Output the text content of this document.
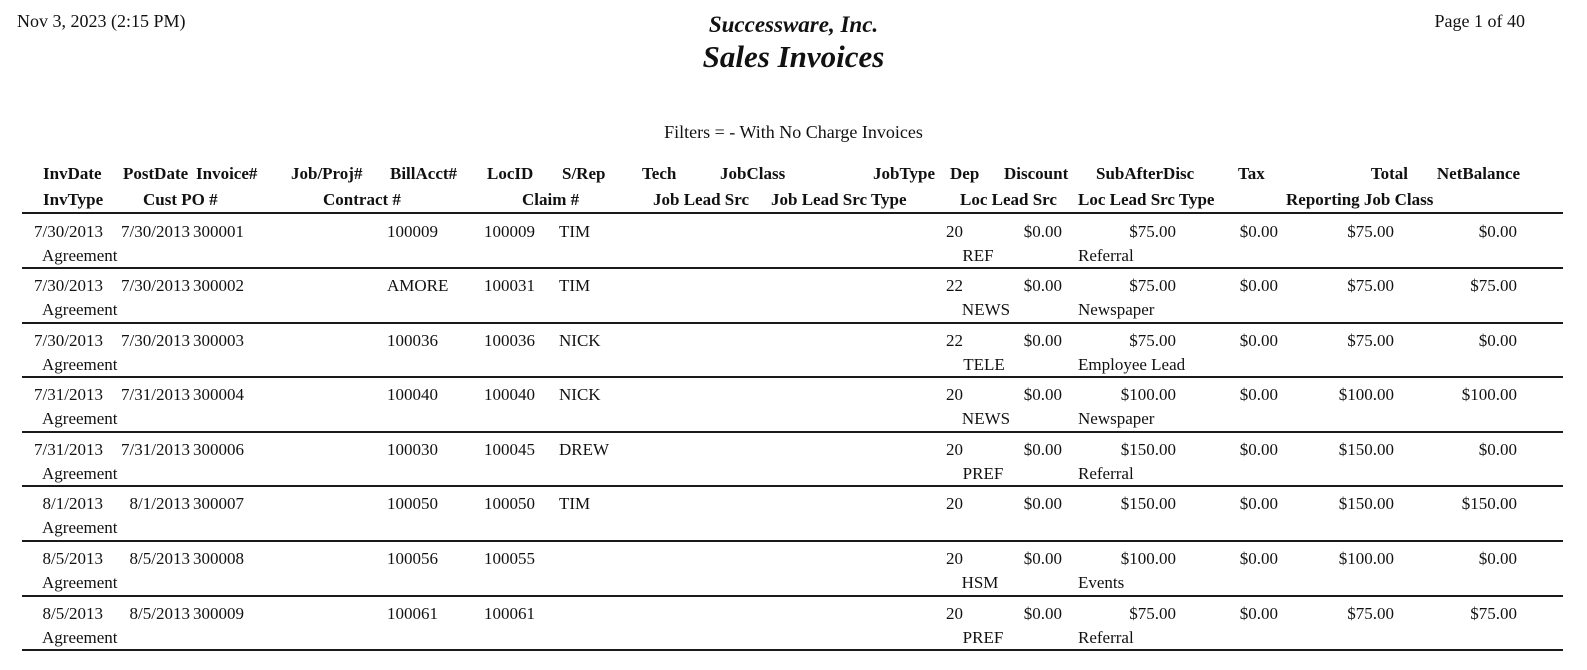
Nov 3, 2023 (2:15 PM)	Successware, Inc.
Sales Invoices
Page 1 of 40
Filters = - With No Charge Invoices
InvDate PostDate Invoice# Job/Proj# BillAcct# LocID S/Rep Tech	JobClass	JobType Dep Discount SubAfterDisc	Tax	Total NetBalance
InvType Cust PO #	Contract #	Claim #	Job Lead Src Job Lead Src Type	Loc Lead Src Loc Lead Src Type	Reporting Job Class
7/30/2013 7/30/2013 300001	100009	100009 TIM	20	$0.00	$75.00	$0.00	$75.00	$0.00
Agreement	REF	Referral
7/30/2013 7/30/2013 300002	AMORE 100031 TIM	22	$0.00	$75.00	$0.00	$75.00	$75.00
Agreement	NEWS	Newspaper
7/30/2013 7/30/2013 300003	100036	100036 NICK	22	$0.00	$75.00	$0.00	$75.00	$0.00
Agreement	TELE	Employee Lead
7/31/2013 7/31/2013 300004	100040	100040 NICK	20	$0.00	$100.00	$0.00	$100.00	$100.00
Agreement	NEWS	Newspaper
7/31/2013 7/31/2013 300006	100030	100045 DREW	20	$0.00	$150.00	$0.00	$150.00	$0.00
Agreement	PREF	Referral
8/1/2013 8/1/2013 300007	100050	100050 TIM	20	$0.00	$150.00	$0.00	$150.00	$150.00
Agreement
8/5/2013 8/5/2013 300008	100056	100055	20	$0.00	$100.00	$0.00	$100.00	$0.00
Agreement	HSM	Events
8/5/2013 8/5/2013 300009	100061	100061	20	$0.00	$75.00	$0.00	$75.00	$75.00
Agreement	PREF	Referral
